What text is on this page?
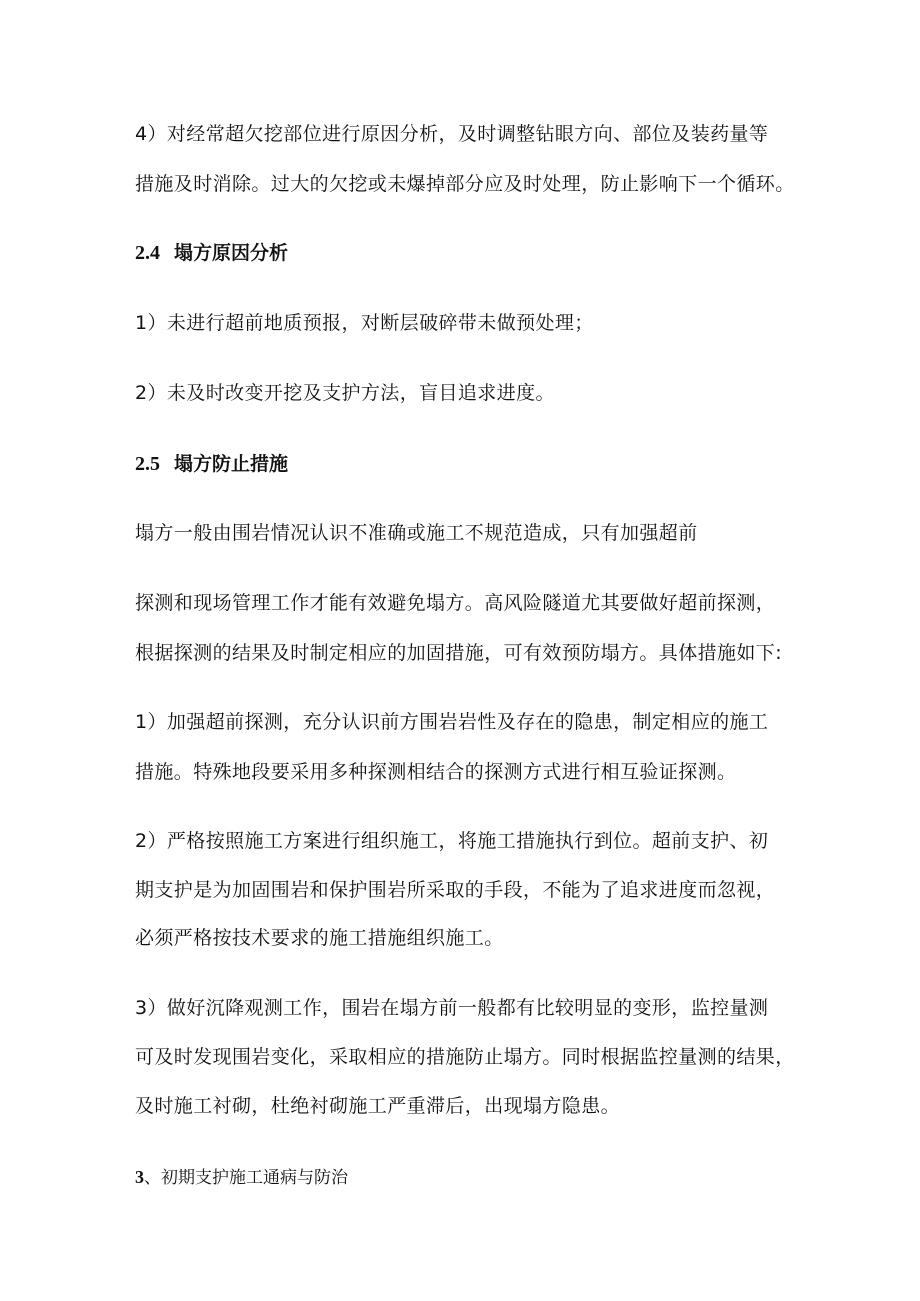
4）对经常超欠挖部位进行原因分析，及时调整钻眼方向、部位及装药量等
措施及时消除。过大的欠挖或未爆掉部分应及时处理，防止影响下一个循环。
2.4 塌方原因分析
1）未进行超前地质预报，对断层破碎带未做预处理；
2）未及时改变开挖及支护方法，盲目追求进度。
2.5 塌方防止措施
塌方一般由围岩情况认识不准确或施工不规范造成，只有加强超前
探测和现场管理工作才能有效避免塌方。高风险隧道尤其要做好超前探测，
根据探测的结果及时制定相应的加固措施，可有效预防塌方。具体措施如下:
1）加强超前探测，充分认识前方围岩岩性及存在的隐患，制定相应的施工
措施。特殊地段要采用多种探测相结合的探测方式进行相互验证探测。
2）严格按照施工方案进行组织施工，将施工措施执行到位。超前支护、初
期支护是为加固围岩和保护围岩所采取的手段，不能为了追求进度而忽视，
必须严格按技术要求的施工措施组织施工。
3）做好沉降观测工作，围岩在塌方前一般都有比较明显的变形，监控量测
可及时发现围岩变化，采取相应的措施防止塌方。同时根据监控量测的结果，
及时施工衬砌，杜绝衬砌施工严重滞后，出现塌方隐患。
3、初期支护施工通病与防治
